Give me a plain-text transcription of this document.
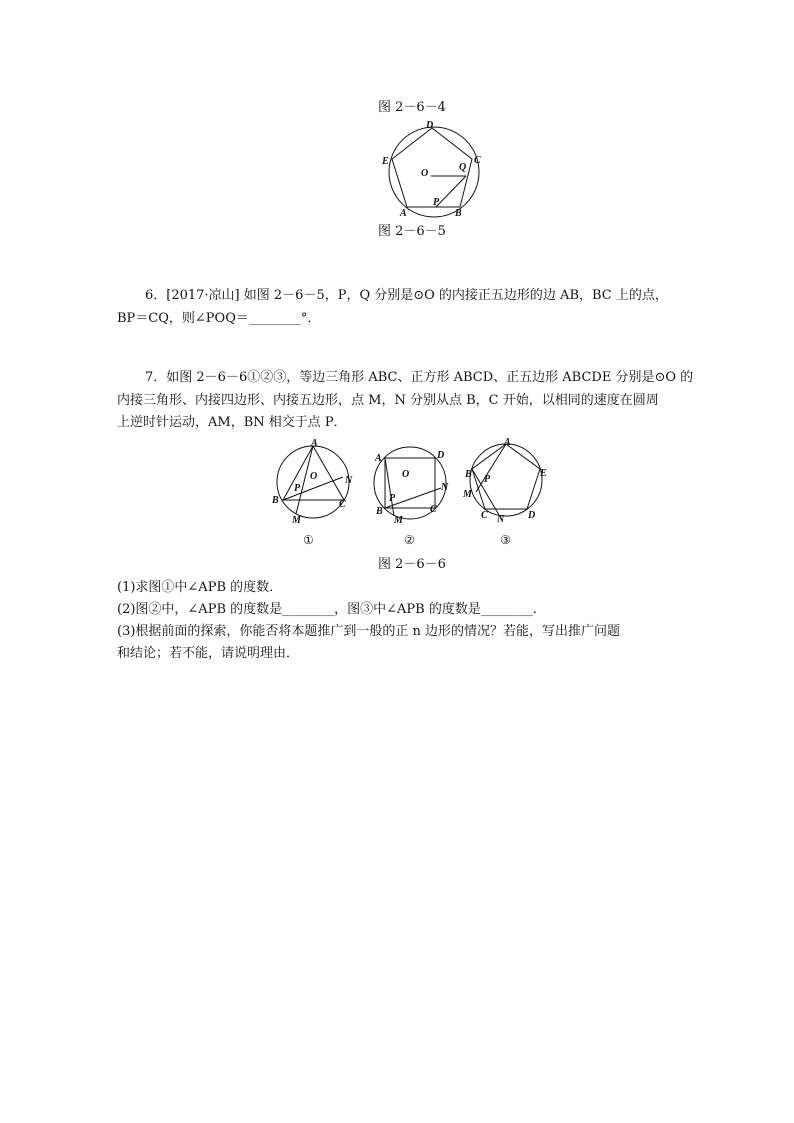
图 2－6－4
D
E	C
Q
O
A
P
B
图 2－6－5
6．[2017·凉山] 如图 2－6－5，P，Q 分别是⊙O 的内接正五边形的边 AB，BC 上的点，
BP＝CQ，则∠POQ＝________°．
7．如图 2－6－6①②③，等边三角形 ABC、正方形 ABCD、正五边形 ABCDE 分别是⊙O 的
内接三角形、内接四边形、内接五边形，点 M，N 分别从点 B，C 开始，以相同的速度在圆周
上逆时针运动，AM，BN 相交于点 P．
A
O
P
N
B	C
M
①
A	D
O
N
P
B
M
C
②
A
B	E
M
P
C N D
③
图 2－6－6
(1)求图①中∠APB 的度数．
(2)图②中，∠APB 的度数是________，图③中∠APB 的度数是________．
(3)根据前面的探索，你能否将本题推广到一般的正 n 边形的情况？若能，写出推广问题
和结论；若不能，请说明理由．
